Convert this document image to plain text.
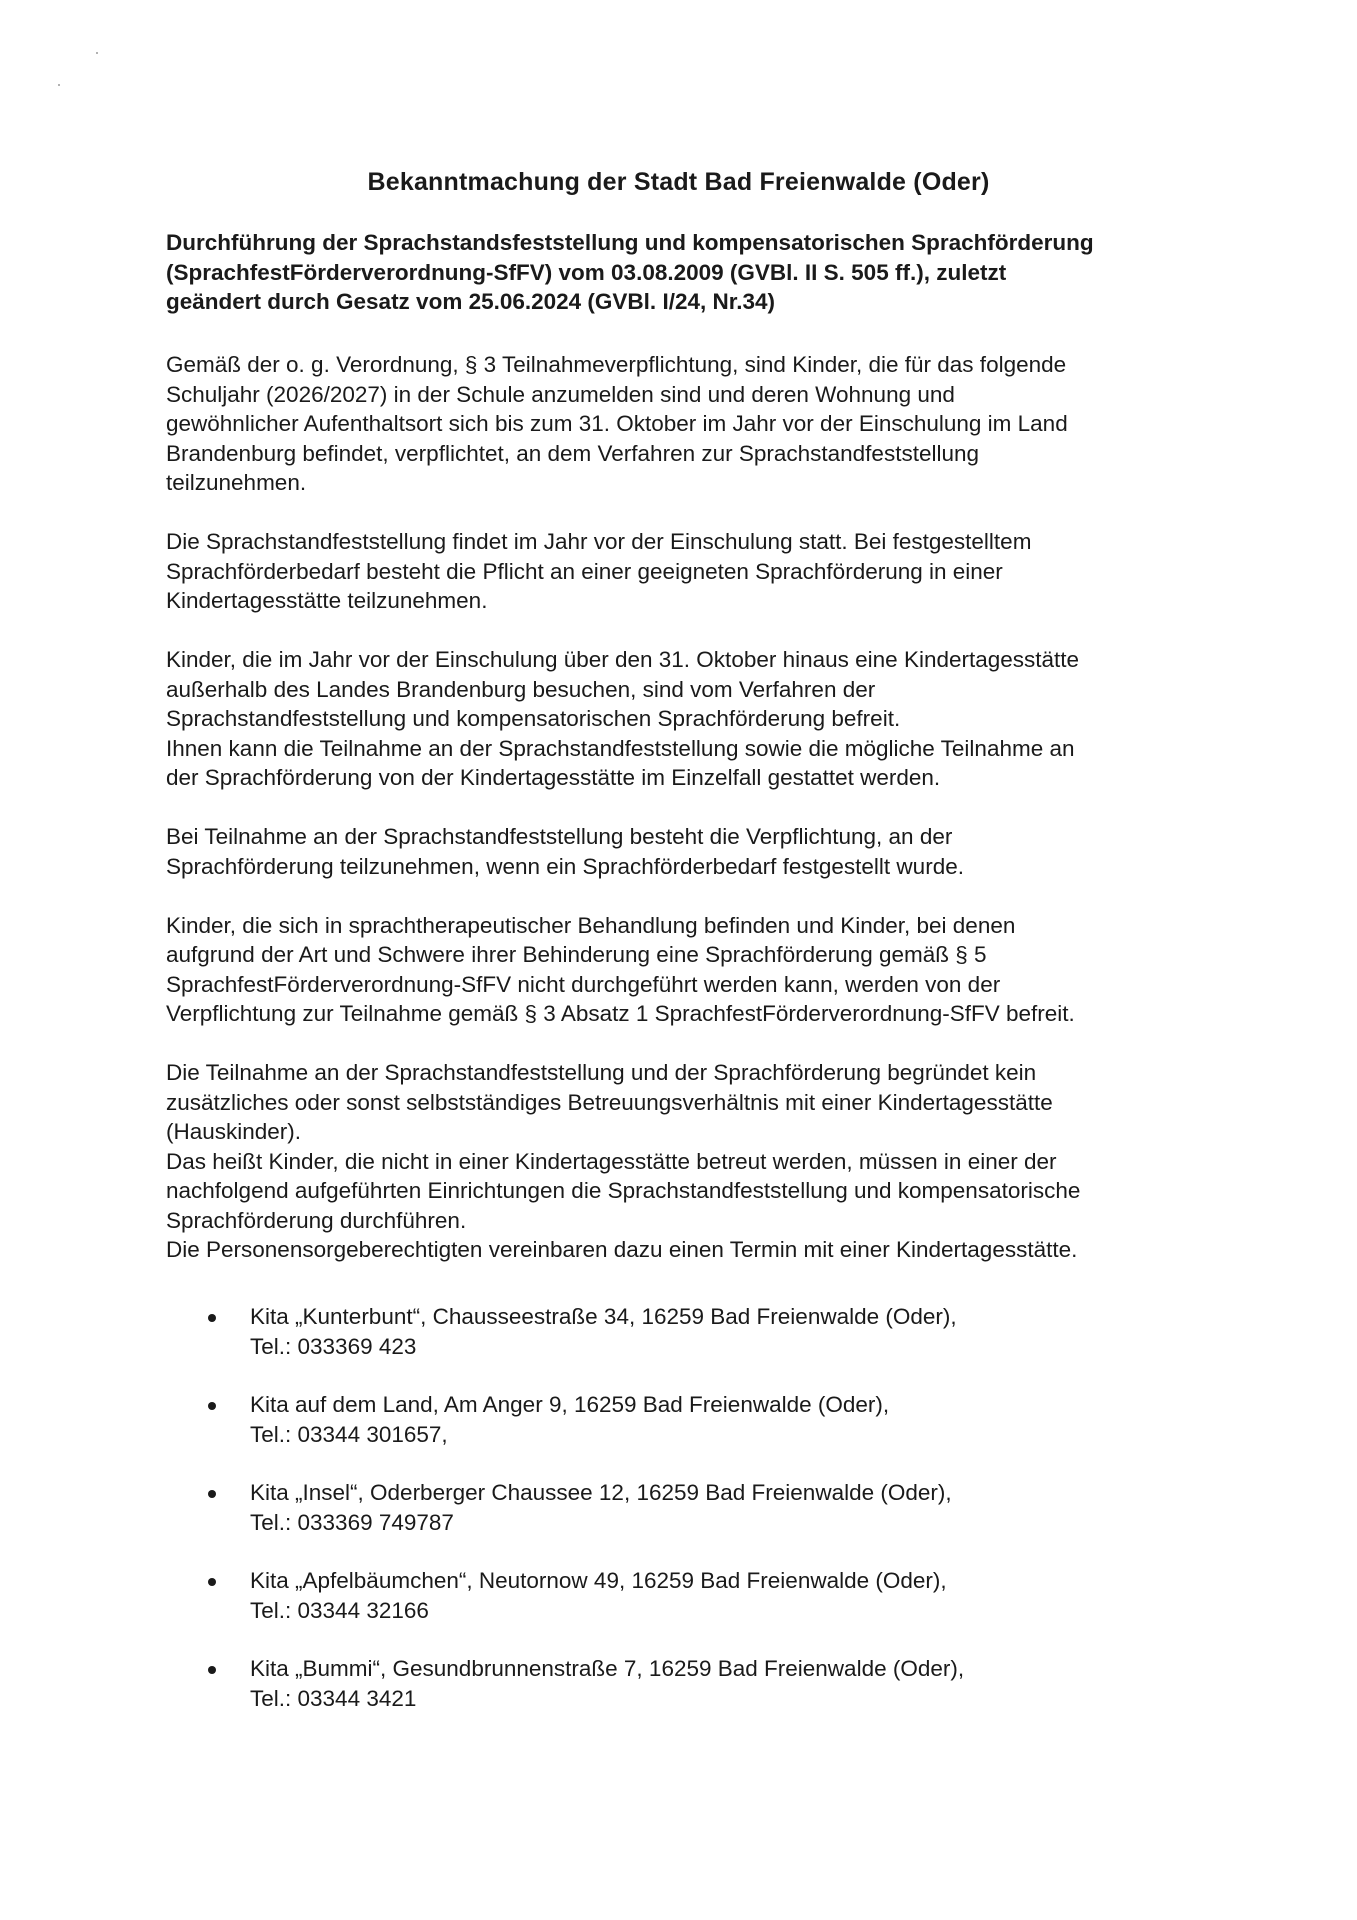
Bekanntmachung der Stadt Bad Freienwalde (Oder)
Durchführung der Sprachstandsfeststellung und kompensatorischen Sprachförderung
(SprachfestFörderverordnung-SfFV) vom 03.08.2009 (GVBl. II S. 505 ff.), zuletzt
geändert durch Gesatz vom 25.06.2024 (GVBl. I/24, Nr.34)
Gemäß der o. g. Verordnung, § 3 Teilnahmeverpflichtung, sind Kinder, die für das folgende
Schuljahr (2026/2027) in der Schule anzumelden sind und deren Wohnung und
gewöhnlicher Aufenthaltsort sich bis zum 31. Oktober im Jahr vor der Einschulung im Land
Brandenburg befindet, verpflichtet, an dem Verfahren zur Sprachstandfeststellung
teilzunehmen.
Die Sprachstandfeststellung findet im Jahr vor der Einschulung statt. Bei festgestelltem
Sprachförderbedarf besteht die Pflicht an einer geeigneten Sprachförderung in einer
Kindertagesstätte teilzunehmen.
Kinder, die im Jahr vor der Einschulung über den 31. Oktober hinaus eine Kindertagesstätte
außerhalb des Landes Brandenburg besuchen, sind vom Verfahren der
Sprachstandfeststellung und kompensatorischen Sprachförderung befreit.
Ihnen kann die Teilnahme an der Sprachstandfeststellung sowie die mögliche Teilnahme an
der Sprachförderung von der Kindertagesstätte im Einzelfall gestattet werden.
Bei Teilnahme an der Sprachstandfeststellung besteht die Verpflichtung, an der
Sprachförderung teilzunehmen, wenn ein Sprachförderbedarf festgestellt wurde.
Kinder, die sich in sprachtherapeutischer Behandlung befinden und Kinder, bei denen
aufgrund der Art und Schwere ihrer Behinderung eine Sprachförderung gemäß § 5
SprachfestFörderverordnung-SfFV nicht durchgeführt werden kann, werden von der
Verpflichtung zur Teilnahme gemäß § 3 Absatz 1 SprachfestFörderverordnung-SfFV befreit.
Die Teilnahme an der Sprachstandfeststellung und der Sprachförderung begründet kein
zusätzliches oder sonst selbstständiges Betreuungsverhältnis mit einer Kindertagesstätte
(Hauskinder).
Das heißt Kinder, die nicht in einer Kindertagesstätte betreut werden, müssen in einer der
nachfolgend aufgeführten Einrichtungen die Sprachstandfeststellung und kompensatorische
Sprachförderung durchführen.
Die Personensorgeberechtigten vereinbaren dazu einen Termin mit einer Kindertagesstätte.
Kita „Kunterbunt“, Chausseestraße 34, 16259 Bad Freienwalde (Oder),
Tel.: 033369 423
Kita auf dem Land, Am Anger 9, 16259 Bad Freienwalde (Oder),
Tel.: 03344 301657,
Kita „Insel“, Oderberger Chaussee 12, 16259 Bad Freienwalde (Oder),
Tel.: 033369 749787
Kita „Apfelbäumchen“, Neutornow 49, 16259 Bad Freienwalde (Oder),
Tel.: 03344 32166
Kita „Bummi“, Gesundbrunnenstraße 7, 16259 Bad Freienwalde (Oder),
Tel.: 03344 3421
